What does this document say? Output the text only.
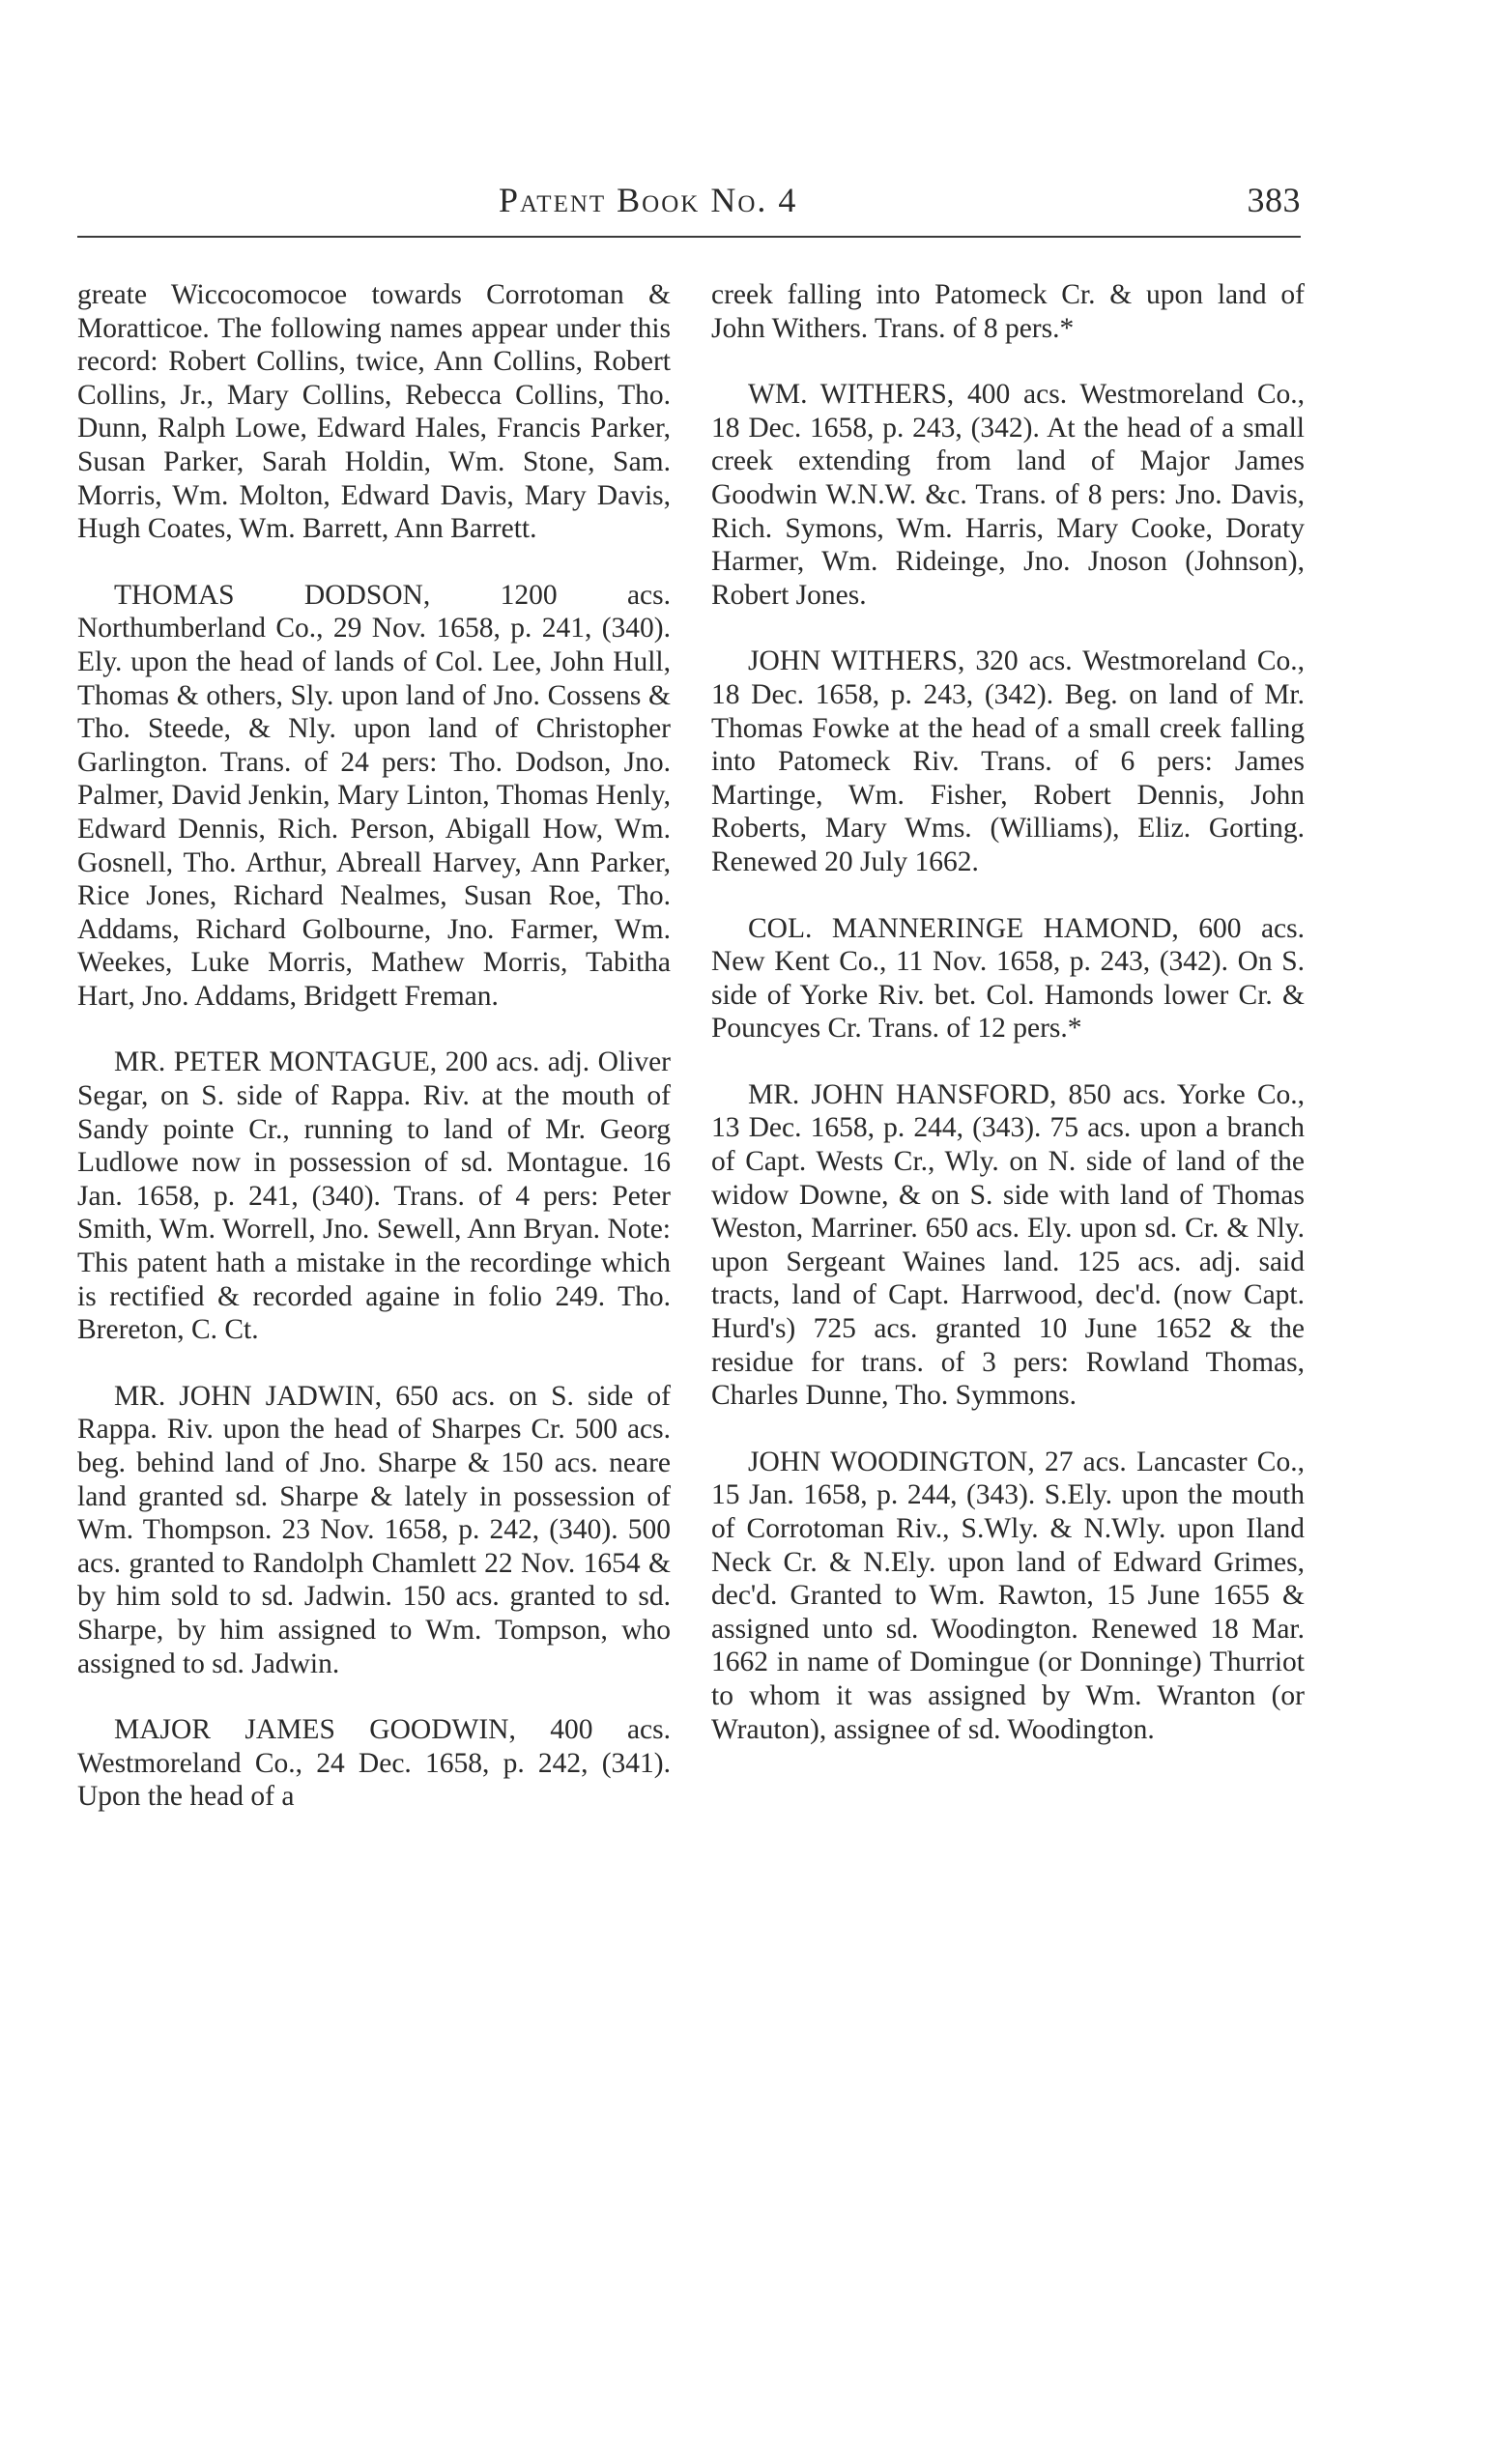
Patent Book No. 4	383

greate Wiccocomocoe towards Corrotoman & Moratticoe. The following names appear under this record: Robert Collins, twice, Ann Collins, Robert Collins, Jr., Mary Collins, Rebecca Collins, Tho. Dunn, Ralph Lowe, Edward Hales, Francis Parker, Susan Parker, Sarah Holdin, Wm. Stone, Sam. Morris, Wm. Molton, Edward Davis, Mary Davis, Hugh Coates, Wm. Barrett, Ann Barrett.

THOMAS DODSON, 1200 acs. Northumberland Co., 29 Nov. 1658, p. 241, (340). Ely. upon the head of lands of Col. Lee, John Hull, Thomas & others, Sly. upon land of Jno. Cossens & Tho. Steede, & Nly. upon land of Christopher Garlington. Trans. of 24 pers: Tho. Dodson, Jno. Palmer, David Jenkin, Mary Linton, Thomas Henly, Edward Dennis, Rich. Person, Abigall How, Wm. Gosnell, Tho. Arthur, Abreall Harvey, Ann Parker, Rice Jones, Richard Nealmes, Susan Roe, Tho. Addams, Richard Golbourne, Jno. Farmer, Wm. Weekes, Luke Morris, Mathew Morris, Tabitha Hart, Jno. Addams, Bridgett Freman.

MR. PETER MONTAGUE, 200 acs. adj. Oliver Segar, on S. side of Rappa. Riv. at the mouth of Sandy pointe Cr., running to land of Mr. Georg Ludlowe now in possession of sd. Montague. 16 Jan. 1658, p. 241, (340). Trans. of 4 pers: Peter Smith, Wm. Worrell, Jno. Sewell, Ann Bryan. Note: This patent hath a mistake in the recordinge which is rectified & recorded againe in folio 249. Tho. Brereton, C. Ct.

MR. JOHN JADWIN, 650 acs. on S. side of Rappa. Riv. upon the head of Sharpes Cr. 500 acs. beg. behind land of Jno. Sharpe & 150 acs. neare land granted sd. Sharpe & lately in possession of Wm. Thompson. 23 Nov. 1658, p. 242, (340). 500 acs. granted to Randolph Chamlett 22 Nov. 1654 & by him sold to sd. Jadwin. 150 acs. granted to sd. Sharpe, by him assigned to Wm. Tompson, who assigned to sd. Jadwin.

MAJOR JAMES GOODWIN, 400 acs. Westmoreland Co., 24 Dec. 1658, p. 242, (341). Upon the head of a

creek falling into Patomeck Cr. & upon land of John Withers. Trans. of 8 pers.*

WM. WITHERS, 400 acs. Westmoreland Co., 18 Dec. 1658, p. 243, (342). At the head of a small creek extending from land of Major James Goodwin W.N.W. &c. Trans. of 8 pers: Jno. Davis, Rich. Symons, Wm. Harris, Mary Cooke, Doraty Harmer, Wm. Rideinge, Jno. Jnoson (Johnson), Robert Jones.

JOHN WITHERS, 320 acs. Westmoreland Co., 18 Dec. 1658, p. 243, (342). Beg. on land of Mr. Thomas Fowke at the head of a small creek falling into Patomeck Riv. Trans. of 6 pers: James Martinge, Wm. Fisher, Robert Dennis, John Roberts, Mary Wms. (Williams), Eliz. Gorting. Renewed 20 July 1662.

COL. MANNERINGE HAMOND, 600 acs. New Kent Co., 11 Nov. 1658, p. 243, (342). On S. side of Yorke Riv. bet. Col. Hamonds lower Cr. & Pouncyes Cr. Trans. of 12 pers.*

MR. JOHN HANSFORD, 850 acs. Yorke Co., 13 Dec. 1658, p. 244, (343). 75 acs. upon a branch of Capt. Wests Cr., Wly. on N. side of land of the widow Downe, & on S. side with land of Thomas Weston, Marriner. 650 acs. Ely. upon sd. Cr. & Nly. upon Sergeant Waines land. 125 acs. adj. said tracts, land of Capt. Harrwood, dec'd. (now Capt. Hurd's) 725 acs. granted 10 June 1652 & the residue for trans. of 3 pers: Rowland Thomas, Charles Dunne, Tho. Symmons.

JOHN WOODINGTON, 27 acs. Lancaster Co., 15 Jan. 1658, p. 244, (343). S.Ely. upon the mouth of Corrotoman Riv., S.Wly. & N.Wly. upon Iland Neck Cr. & N.Ely. upon land of Edward Grimes, dec'd. Granted to Wm. Rawton, 15 June 1655 & assigned unto sd. Woodington. Renewed 18 Mar. 1662 in name of Domingue (or Donninge) Thurriot to whom it was assigned by Wm. Wranton (or Wrauton), assignee of sd. Woodington.
